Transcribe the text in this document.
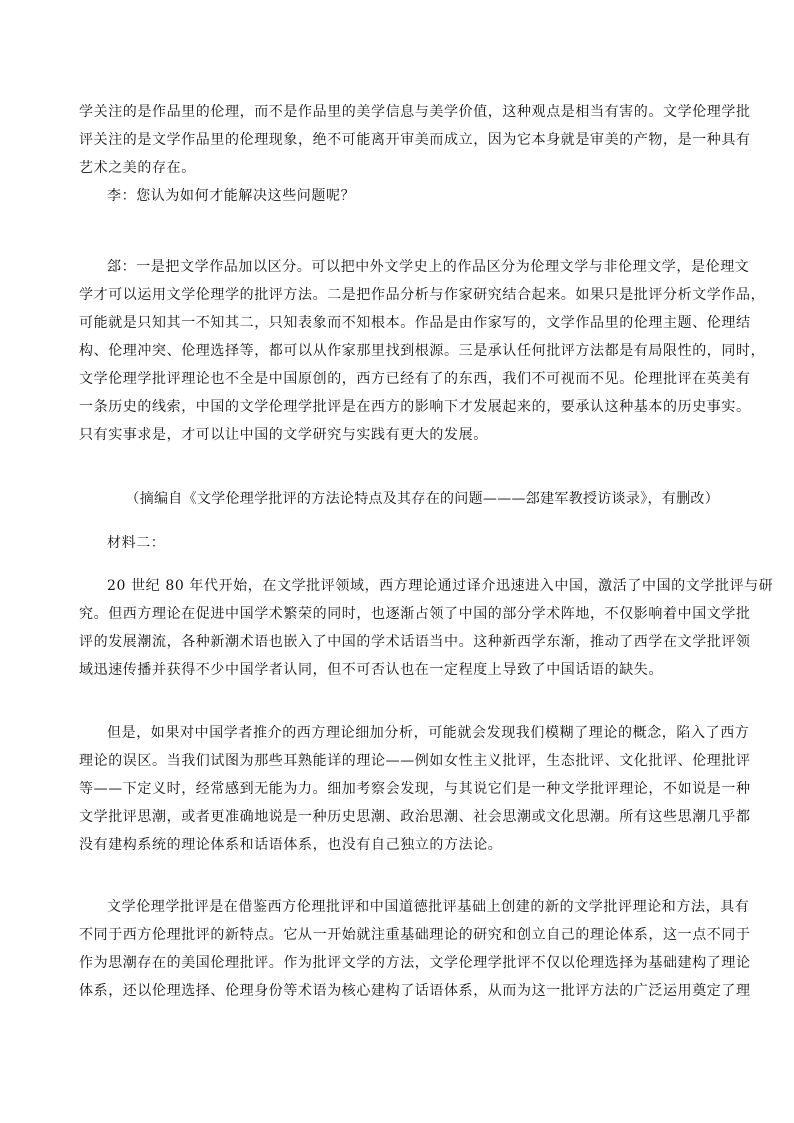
学关注的是作品里的伦理，而不是作品里的美学信息与美学价值，这种观点是相当有害的。文学伦理学批
评关注的是文学作品里的伦理现象，绝不可能离开审美而成立，因为它本身就是审美的产物，是一种具有
艺术之美的存在。
李：您认为如何才能解决这些问题呢？
郐：一是把文学作品加以区分。可以把中外文学史上的作品区分为伦理文学与非伦理文学，是伦理文
学才可以运用文学伦理学的批评方法。二是把作品分析与作家研究结合起来。如果只是批评分析文学作品，
可能就是只知其一不知其二，只知表象而不知根本。作品是由作家写的，文学作品里的伦理主题、伦理结
构、伦理冲突、伦理选择等，都可以从作家那里找到根源。三是承认任何批评方法都是有局限性的，同时，
文学伦理学批评理论也不全是中国原创的，西方已经有了的东西，我们不可视而不见。伦理批评在英美有
一条历史的线索，中国的文学伦理学批评是在西方的影响下才发展起来的，要承认这种基本的历史事实。
只有实事求是，才可以让中国的文学研究与实践有更大的发展。
（摘编自《文学伦理学批评的方法论特点及其存在的问题———郐建军教授访谈录》，有删改）
材料二：
20 世纪 80 年代开始，在文学批评领域，西方理论通过译介迅速进入中国，激活了中国的文学批评与研
究。但西方理论在促进中国学术繁荣的同时，也逐渐占领了中国的部分学术阵地，不仅影响着中国文学批
评的发展潮流，各种新潮术语也嵌入了中国的学术话语当中。这种新西学东渐，推动了西学在文学批评领
域迅速传播并获得不少中国学者认同，但不可否认也在一定程度上导致了中国话语的缺失。
但是，如果对中国学者推介的西方理论细加分析，可能就会发现我们模糊了理论的概念，陷入了西方
理论的误区。当我们试图为那些耳熟能详的理论——例如女性主义批评，生态批评、文化批评、伦理批评
等——下定义时，经常感到无能为力。细加考察会发现，与其说它们是一种文学批评理论，不如说是一种
文学批评思潮，或者更准确地说是一种历史思潮、政治思潮、社会思潮或文化思潮。所有这些思潮几乎都
没有建构系统的理论体系和话语体系，也没有自己独立的方法论。
文学伦理学批评是在借鉴西方伦理批评和中国道德批评基础上创建的新的文学批评理论和方法，具有
不同于西方伦理批评的新特点。它从一开始就注重基础理论的研究和创立自己的理论体系，这一点不同于
作为思潮存在的美国伦理批评。作为批评文学的方法，文学伦理学批评不仅以伦理选择为基础建构了理论
体系，还以伦理选择、伦理身份等术语为核心建构了话语体系，从而为这一批评方法的广泛运用奠定了理
